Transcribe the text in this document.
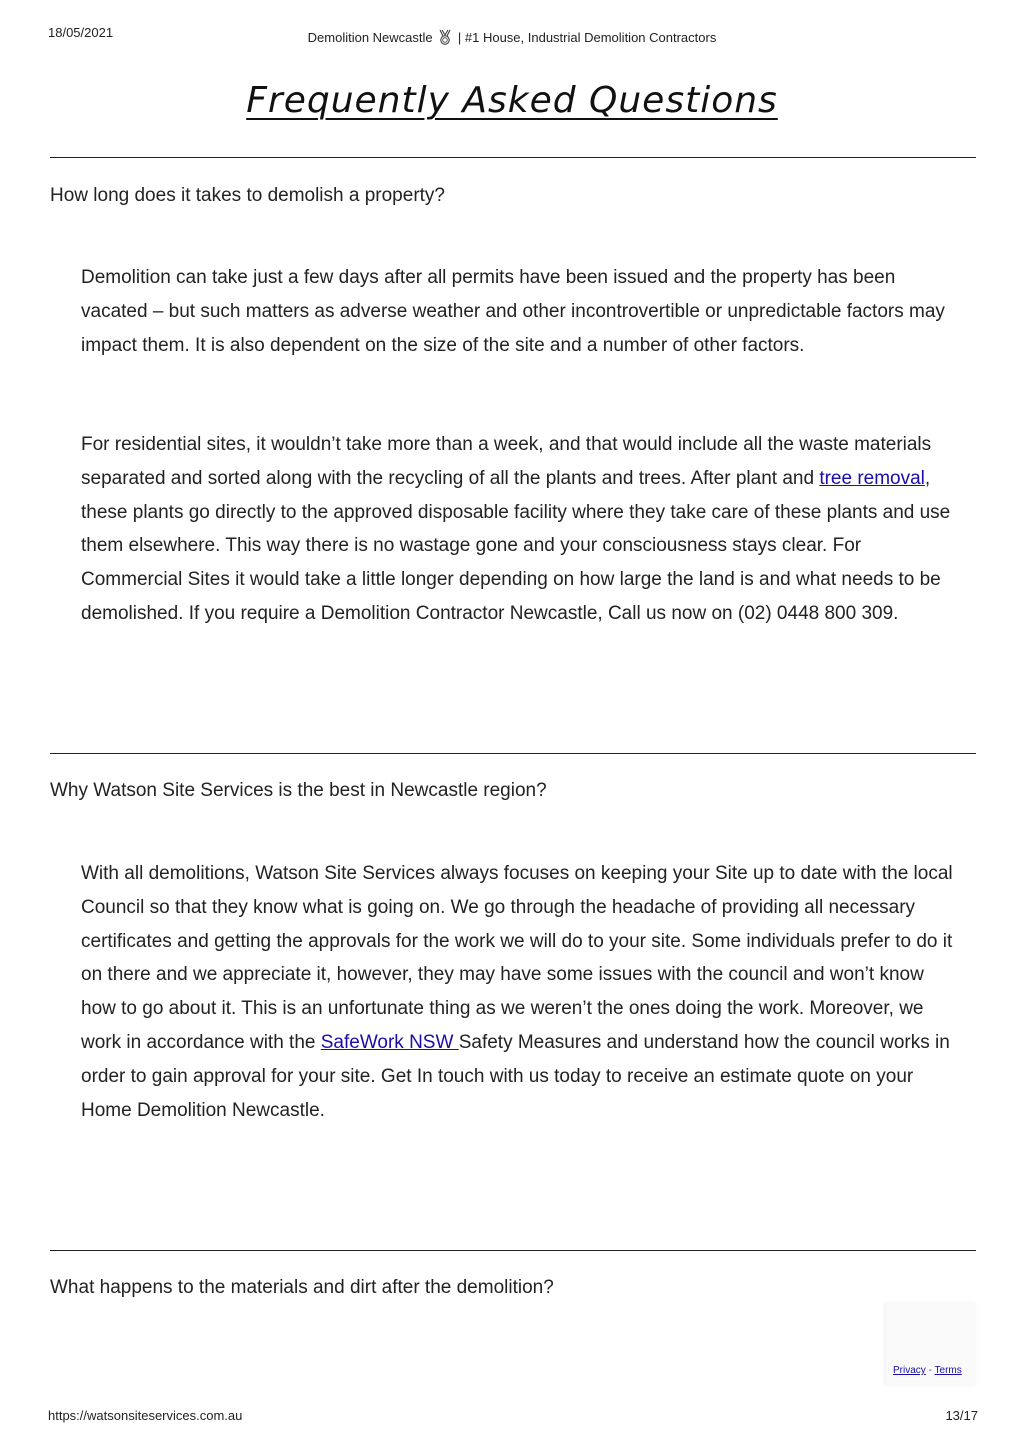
18/05/2021	Demolition Newcastle | #1 House, Industrial Demolition Contractors
Frequently Asked Questions
How long does it takes to demolish a property?

Demolition can take just a few days after all permits have been issued and the property has been vacated – but such matters as adverse weather and other incontrovertible or unpredictable factors may impact them. It is also dependent on the size of the site and a number of other factors.

For residential sites, it wouldn’t take more than a week, and that would include all the waste materials separated and sorted along with the recycling of all the plants and trees. After plant and tree removal, these plants go directly to the approved disposable facility where they take care of these plants and use them elsewhere. This way there is no wastage gone and your consciousness stays clear. For Commercial Sites it would take a little longer depending on how large the land is and what needs to be demolished. If you require a Demolition Contractor Newcastle, Call us now on (02) 0448 800 309.

Why Watson Site Services is the best in Newcastle region?

With all demolitions, Watson Site Services always focuses on keeping your Site up to date with the local Council so that they know what is going on. We go through the headache of providing all necessary certificates and getting the approvals for the work we will do to your site. Some individuals prefer to do it on there and we appreciate it, however, they may have some issues with the council and won’t know how to go about it. This is an unfortunate thing as we weren’t the ones doing the work. Moreover, we work in accordance with the SafeWork NSW Safety Measures and understand how the council works in order to gain approval for your site. Get In touch with us today to receive an estimate quote on your Home Demolition Newcastle.

What happens to the materials and dirt after the demolition?
Privacy - Terms
https://watsonsiteservices.com.au	13/17
